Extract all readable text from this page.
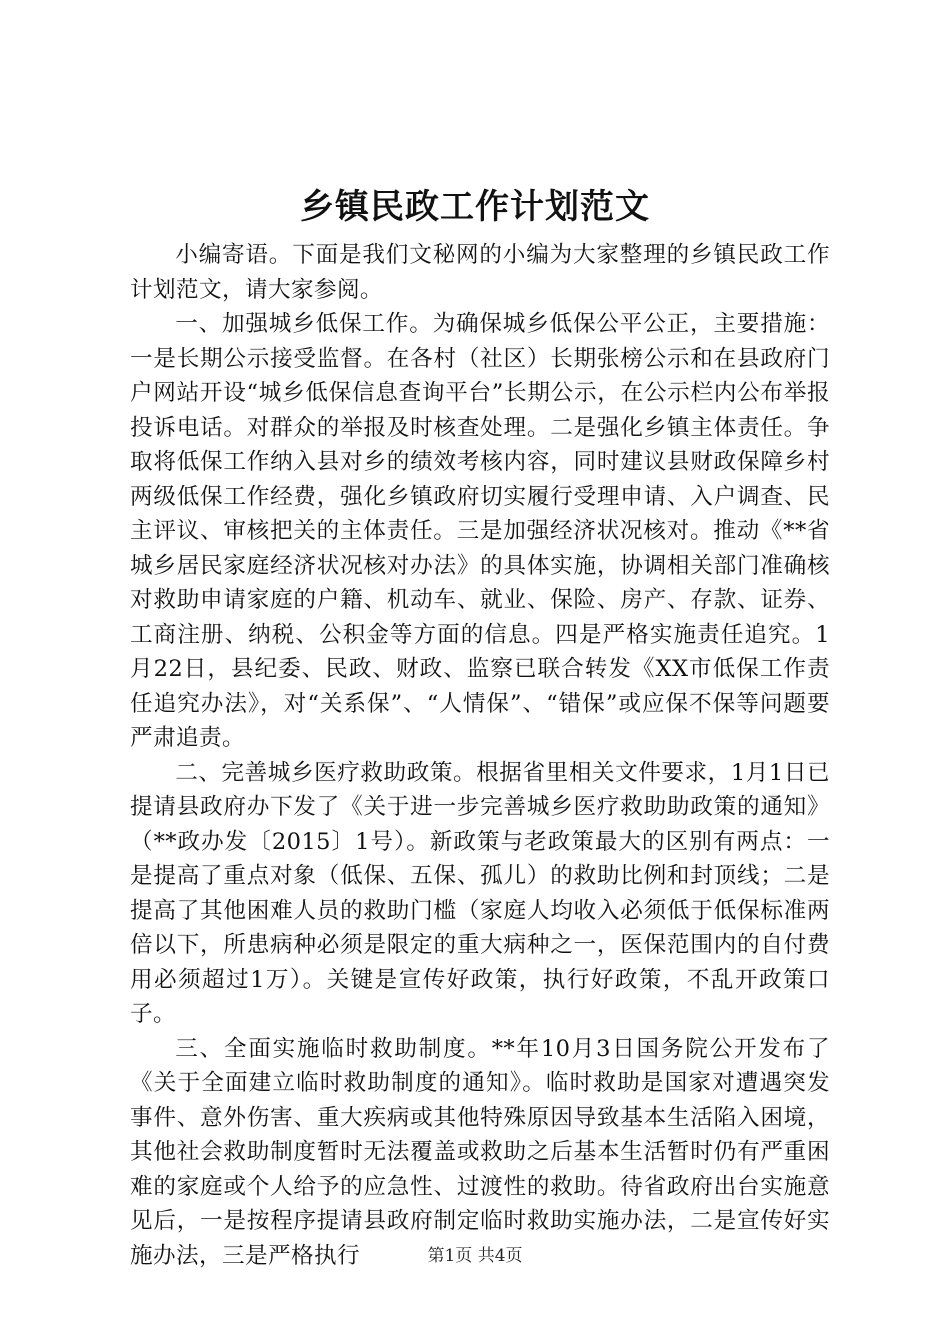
乡镇民政工作计划范文

小编寄语。下面是我们文秘网的小编为大家整理的乡镇民政工作计划范文，请大家参阅。

一、加强城乡低保工作。为确保城乡低保公平公正，主要措施：一是长期公示接受监督。在各村（社区）长期张榜公示和在县政府门户网站开设“城乡低保信息查询平台”长期公示，在公示栏内公布举报投诉电话。对群众的举报及时核查处理。二是强化乡镇主体责任。争取将低保工作纳入县对乡的绩效考核内容，同时建议县财政保障乡村两级低保工作经费，强化乡镇政府切实履行受理申请、入户调查、民主评议、审核把关的主体责任。三是加强经济状况核对。推动《**省城乡居民家庭经济状况核对办法》的具体实施，协调相关部门准确核对救助申请家庭的户籍、机动车、就业、保险、房产、存款、证券、工商注册、纳税、公积金等方面的信息。四是严格实施责任追究。1月22日，县纪委、民政、财政、监察已联合转发《XX市低保工作责任追究办法》，对“关系保”、“人情保”、“错保”或应保不保等问题要严肃追责。

二、完善城乡医疗救助政策。根据省里相关文件要求，1月1日已提请县政府办下发了《关于进一步完善城乡医疗救助助政策的通知》（**政办发〔2015〕1号）。新政策与老政策最大的区别有两点：一是提高了重点对象（低保、五保、孤儿）的救助比例和封顶线；二是提高了其他困难人员的救助门槛（家庭人均收入必须低于低保标准两倍以下，所患病种必须是限定的重大病种之一，医保范围内的自付费用必须超过1万）。关键是宣传好政策，执行好政策，不乱开政策口子。

三、全面实施临时救助制度。**年10月3日国务院公开发布了《关于全面建立临时救助制度的通知》。临时救助是国家对遭遇突发事件、意外伤害、重大疾病或其他特殊原因导致基本生活陷入困境，其他社会救助制度暂时无法覆盖或救助之后基本生活暂时仍有严重困难的家庭或个人给予的应急性、过渡性的救助。待省政府出台实施意见后，一是按程序提请县政府制定临时救助实施办法，二是宣传好实施办法，三是严格执行	第1页 共4页
